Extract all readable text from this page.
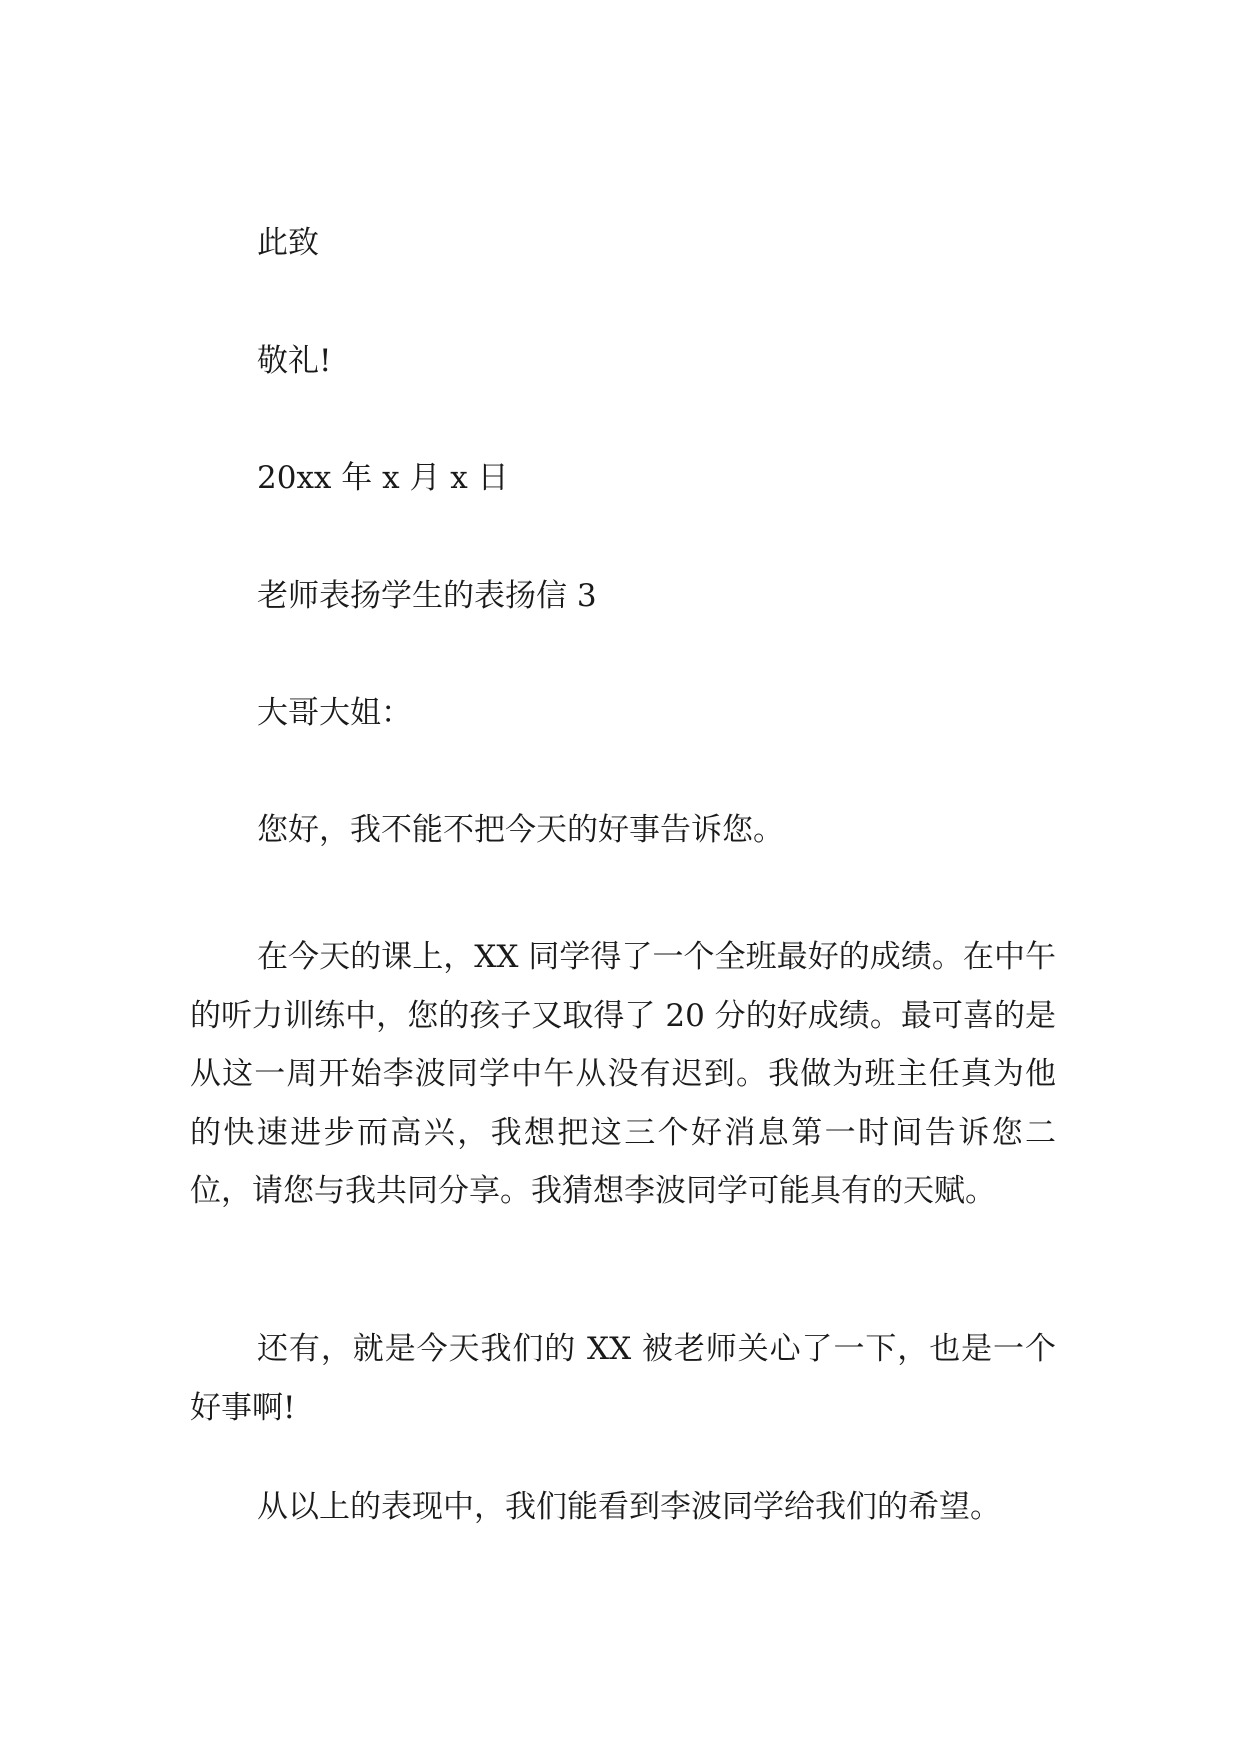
此致
敬礼!
20xx 年 x 月 x 日
老师表扬学生的表扬信 3
大哥大姐：
您好，我不能不把今天的好事告诉您。

在今天的课上，XX 同学得了一个全班最好的成绩。在中午的听力训练中，您的孩子又取得了 20 分的好成绩。最可喜的是从这一周开始李波同学中午从没有迟到。我做为班主任真为他的快速进步而高兴，我想把这三个好消息第一时间告诉您二位，请您与我共同分享。我猜想李波同学可能具有的天赋。

还有，就是今天我们的 XX 被老师关心了一下，也是一个好事啊!

从以上的表现中，我们能看到李波同学给我们的希望。
